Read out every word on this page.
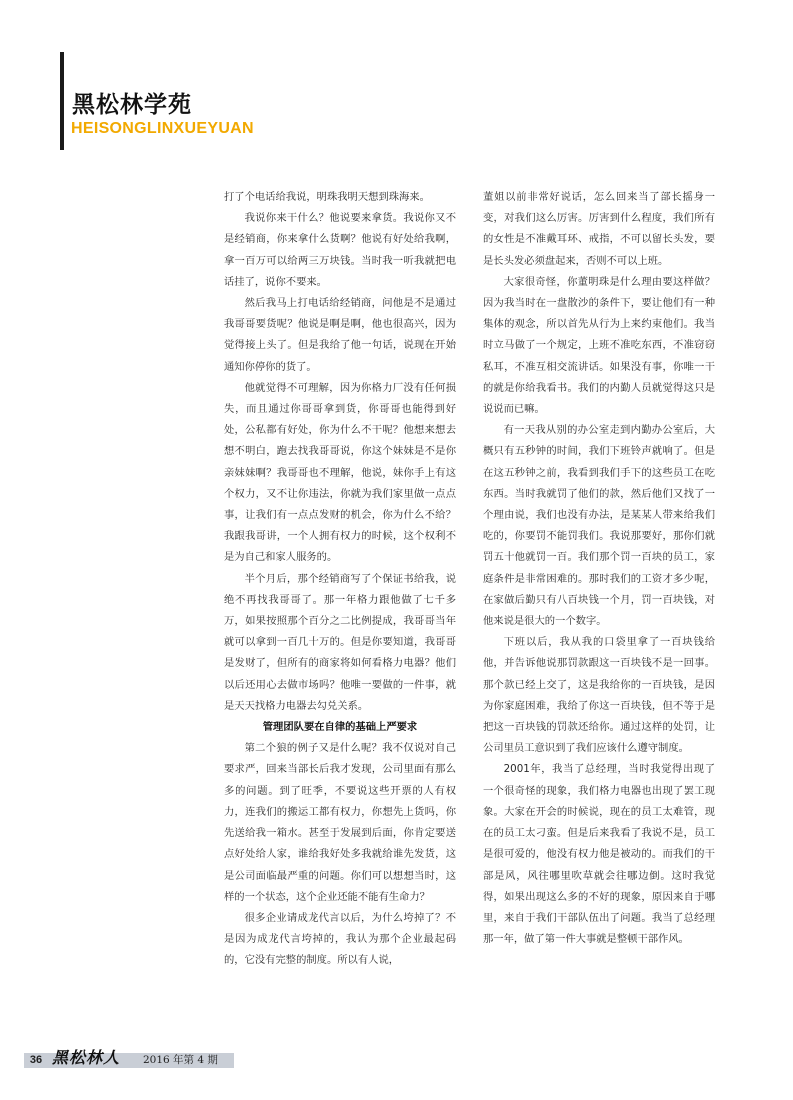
黑松林学苑
HEISONGLINXUEYUAN

打了个电话给我说，明珠我明天想到珠海来。

我说你来干什么？他说要来拿货。我说你又不是经销商，你来拿什么货啊？他说有好处给我啊，拿一百万可以给两三万块钱。当时我一听我就把电话挂了，说你不要来。

然后我马上打电话给经销商，问他是不是通过我哥哥要货呢？他说是啊是啊，他也很高兴，因为觉得接上头了。但是我给了他一句话，说现在开始通知你停你的货了。

他就觉得不可理解，因为你格力厂没有任何损失，而且通过你哥哥拿到货，你哥哥也能得到好处，公私都有好处，你为什么不干呢？他想来想去想不明白，跑去找我哥哥说，你这个妹妹是不是你亲妹妹啊？我哥哥也不理解，他说，妹你手上有这个权力，又不让你违法，你就为我们家里做一点点事，让我们有一点点发财的机会，你为什么不给？我跟我哥讲，一个人拥有权力的时候，这个权利不是为自己和家人服务的。

半个月后，那个经销商写了个保证书给我，说绝不再找我哥哥了。那一年格力跟他做了七千多万，如果按照那个百分之二比例提成，我哥哥当年就可以拿到一百几十万的。但是你要知道，我哥哥是发财了，但所有的商家将如何看格力电器？他们以后还用心去做市场吗？他唯一要做的一件事，就是天天找格力电器去勾兑关系。

管理团队要在自律的基础上严要求

第二个狼的例子又是什么呢？我不仅说对自己要求严，回来当部长后我才发现，公司里面有那么多的问题。到了旺季，不要说这些开票的人有权力，连我们的搬运工都有权力，你想先上货吗，你先送给我一箱水。甚至于发展到后面，你肯定要送点好处给人家，谁给我好处多我就给谁先发货，这是公司面临最严重的问题。你们可以想想当时，这样的一个状态，这个企业还能不能有生命力？

很多企业请成龙代言以后，为什么垮掉了？不是因为成龙代言垮掉的，我认为那个企业最起码的，它没有完整的制度。所以有人说，

董姐以前非常好说话，怎么回来当了部长摇身一变，对我们这么厉害。厉害到什么程度，我们所有的女性是不准戴耳环、戒指，不可以留长头发，要是长头发必须盘起来，否则不可以上班。

大家很奇怪，你董明珠是什么理由要这样做？因为我当时在一盘散沙的条件下，要让他们有一种集体的观念，所以首先从行为上来约束他们。我当时立马做了一个规定，上班不准吃东西，不准窃窃私耳，不准互相交流讲话。如果没有事，你唯一干的就是你给我看书。我们的内勤人员就觉得这只是说说而已嘛。

有一天我从别的办公室走到内勤办公室后，大概只有五秒钟的时间，我们下班铃声就响了。但是在这五秒钟之前，我看到我们手下的这些员工在吃东西。当时我就罚了他们的款，然后他们又找了一个理由说，我们也没有办法，是某某人带来给我们吃的，你要罚不能罚我们。我说那要好，那你们就罚五十他就罚一百。我们那个罚一百块的员工，家庭条件是非常困难的。那时我们的工资才多少呢，在家做后勤只有八百块钱一个月，罚一百块钱，对他来说是很大的一个数字。

下班以后，我从我的口袋里拿了一百块钱给他，并告诉他说那罚款跟这一百块钱不是一回事。那个款已经上交了，这是我给你的一百块钱，是因为你家庭困难，我给了你这一百块钱，但不等于是把这一百块钱的罚款还给你。通过这样的处罚，让公司里员工意识到了我们应该什么遵守制度。

2001年，我当了总经理，当时我觉得出现了一个很奇怪的现象，我们格力电器也出现了罢工现象。大家在开会的时候说，现在的员工太难管，现在的员工太刁蛮。但是后来我看了我说不是，员工是很可爱的，他没有权力他是被动的。而我们的干部是风，风往哪里吹草就会往哪边倒。这时我觉得，如果出现这么多的不好的现象，原因来自于哪里，来自于我们干部队伍出了问题。我当了总经理那一年，做了第一件大事就是整顿干部作风。

36 黑松林人 2016 年第 4 期
